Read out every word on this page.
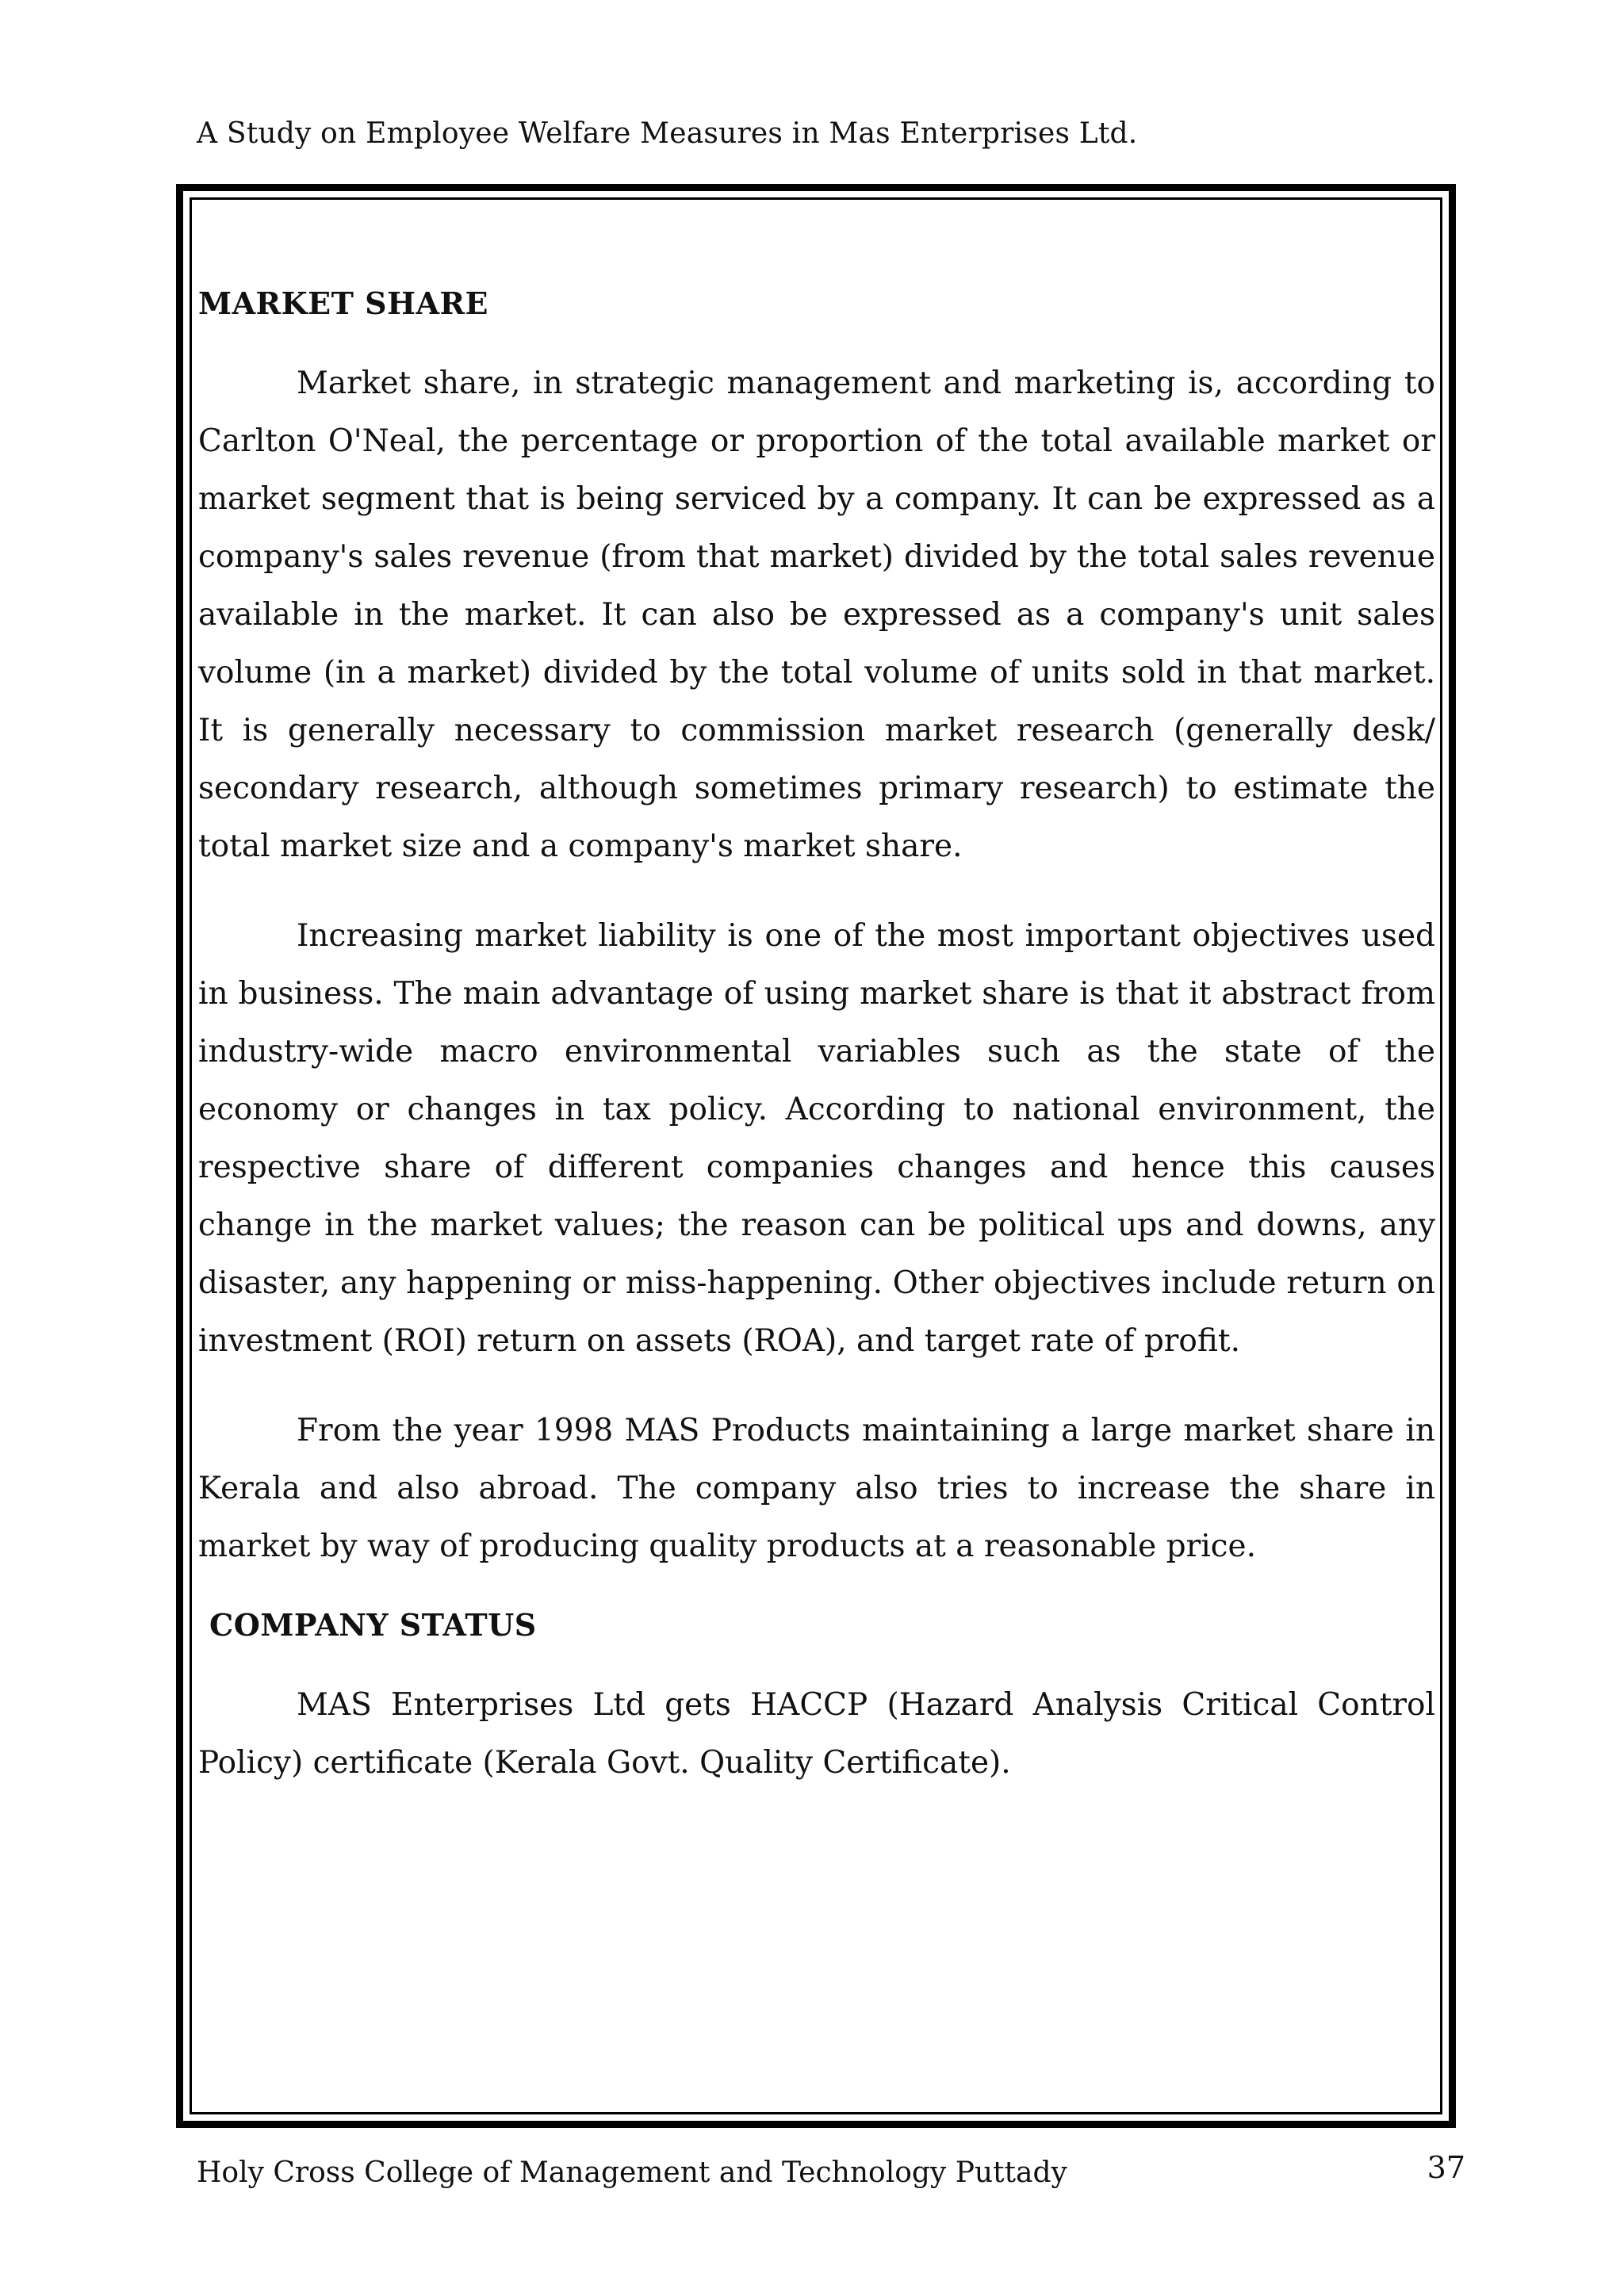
A Study on Employee Welfare Measures in Mas Enterprises Ltd.
MARKET SHARE

Market share, in strategic management and marketing is, according to Carlton O'Neal, the percentage or proportion of the total available market or market segment that is being serviced by a company. It can be expressed as a company's sales revenue (from that market) divided by the total sales revenue available in the market. It can also be expressed as a company's unit sales volume (in a market) divided by the total volume of units sold in that market. It is generally necessary to commission market research (generally desk/ secondary research, although sometimes primary research) to estimate the total market size and a company's market share.

Increasing market liability is one of the most important objectives used in business. The main advantage of using market share is that it abstract from industry-wide macro environmental variables such as the state of the economy or changes in tax policy. According to national environment, the respective share of different companies changes and hence this causes change in the market values; the reason can be political ups and downs, any disaster, any happening or miss-happening. Other objectives include return on investment (ROI) return on assets (ROA), and target rate of profit.

From the year 1998 MAS Products maintaining a large market share in Kerala and also abroad. The company also tries to increase the share in market by way of producing quality products at a reasonable price.

COMPANY STATUS

MAS Enterprises Ltd gets HACCP (Hazard Analysis Critical Control Policy) certificate (Kerala Govt. Quality Certificate).

Holy Cross College of Management and Technology Puttady	37
